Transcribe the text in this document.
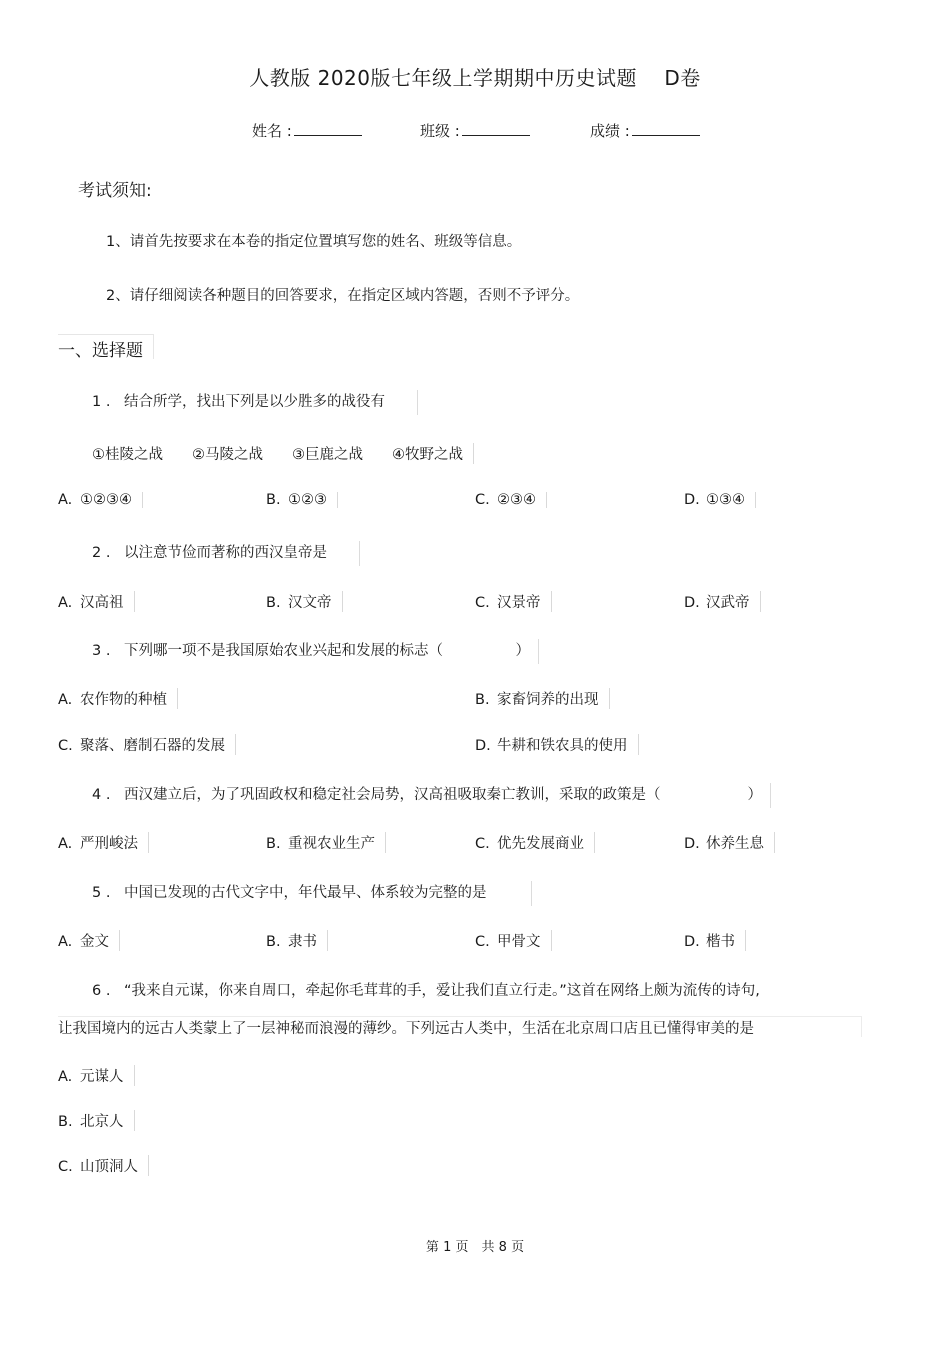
人教版 2020版七年级上学期期中历史试题　 D卷
姓名 :	班级 :	成绩 :
考试须知:
1、请首先按要求在本卷的指定位置填写您的姓名、班级等信息。
2、请仔细阅读各种题目的回答要求，在指定区域内答题，否则不予评分。
一、选择题
1 . 结合所学，找出下列是以少胜多的战役有
①桂陵之战　　②马陵之战　　③巨鹿之战　　④牧野之战
A. ①②③④	B. ①②③	C. ②③④	D. ①③④
2 . 以注意节俭而著称的西汉皇帝是
A. 汉高祖	B. 汉文帝	C. 汉景帝	D. 汉武帝
3 . 下列哪一项不是我国原始农业兴起和发展的标志（　　　　　）
A. 农作物的种植	B. 家畜饲养的出现
C. 聚落、磨制石器的发展	D. 牛耕和铁农具的使用
4 . 西汉建立后，为了巩固政权和稳定社会局势，汉高祖吸取秦亡教训，采取的政策是（　　　　　　）
A. 严刑峻法	B. 重视农业生产	C. 优先发展商业	D. 休养生息
5 . 中国已发现的古代文字中，年代最早、体系较为完整的是
A. 金文	B. 隶书	C. 甲骨文	D. 楷书
6 . “我来自元谋，你来自周口，牵起你毛茸茸的手，爱让我们直立行走。”这首在网络上颇为流传的诗句,
让我国境内的远古人类蒙上了一层神秘而浪漫的薄纱。下列远古人类中，生活在北京周口店且已懂得审美的是
A. 元谋人
B. 北京人
C. 山顶洞人
第 1 页　共 8 页
